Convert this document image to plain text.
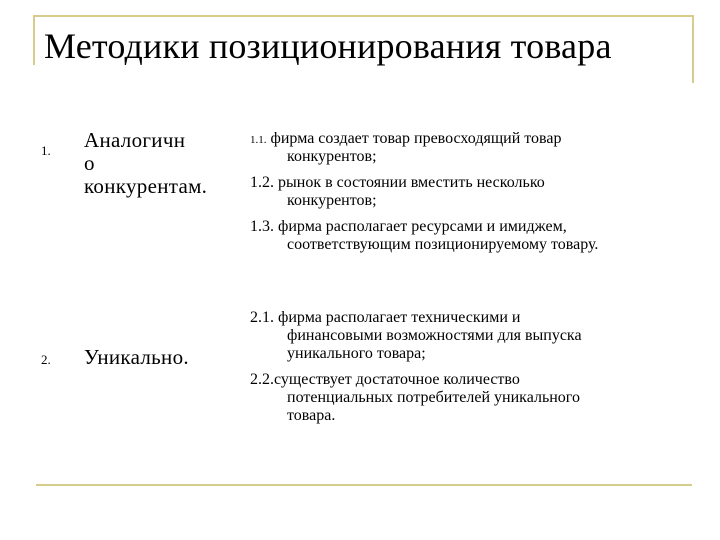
Методики позиционирования товара
1. Аналогичн
о
конкурентам.
1.1. фирма создает товар превосходящий товар
конкурентов;
1.2. рынок в состоянии вместить несколько
конкурентов;
1.3. фирма располагает ресурсами и имиджем,
соответствующим позиционируемому товару.
2. Уникально.
2.1. фирма располагает техническими и
финансовыми возможностями для выпуска
уникального товара;
2.2.существует достаточное количество
потенциальных потребителей уникального
товара.
